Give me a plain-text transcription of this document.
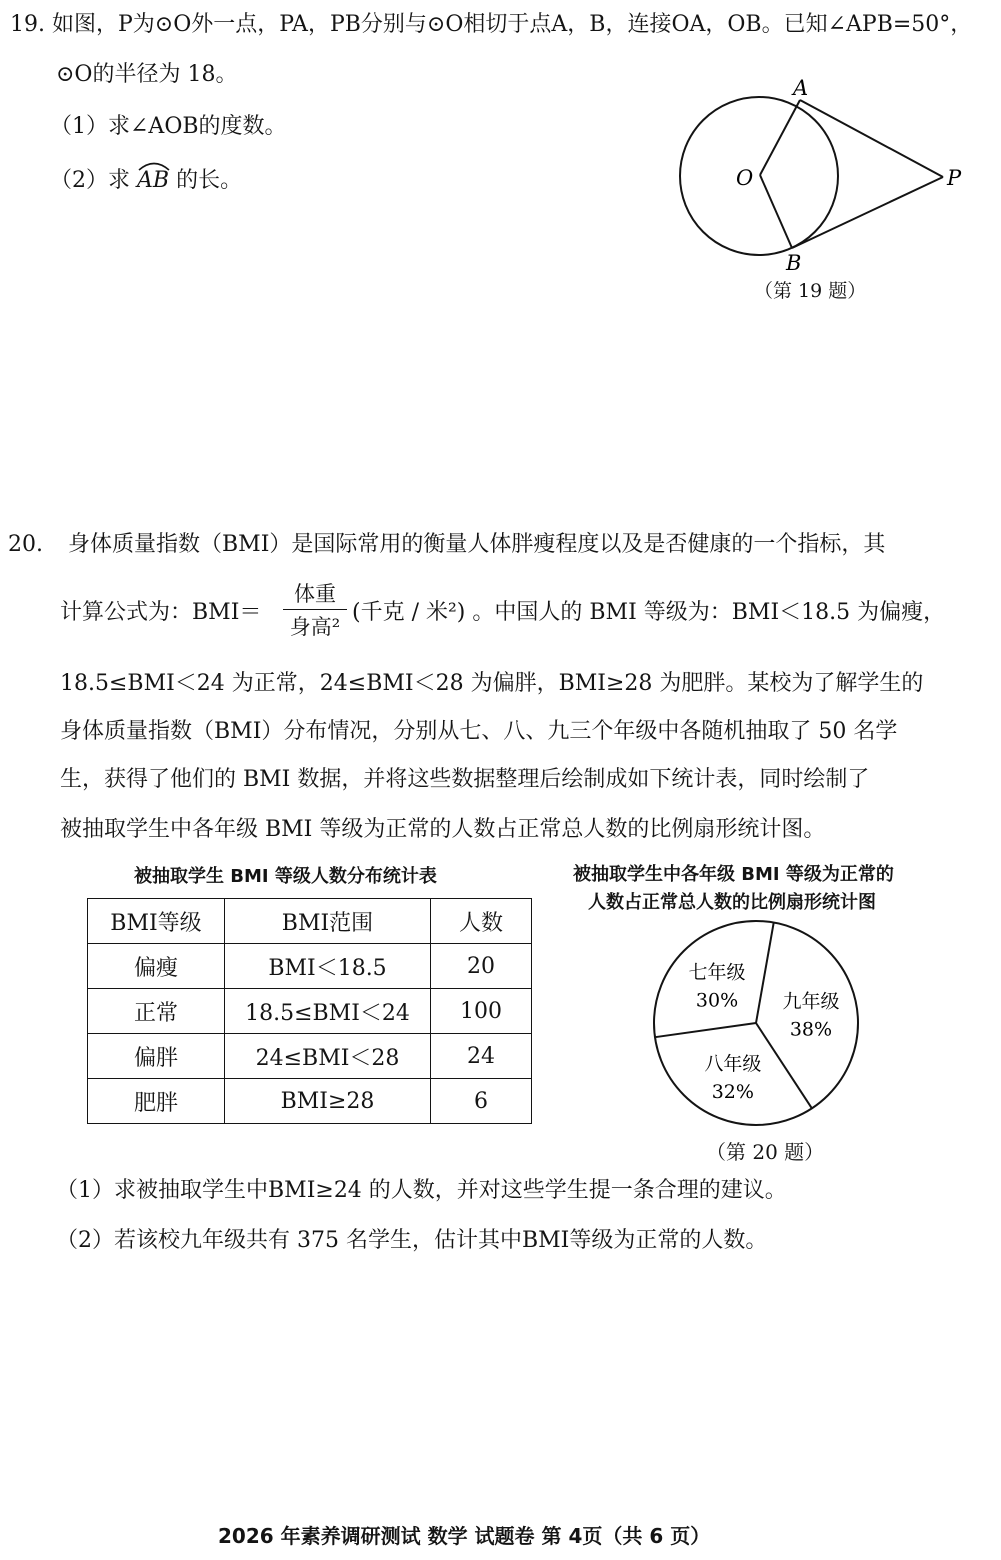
19. 如图，P为⊙O外一点，PA，PB分别与⊙O相切于点A，B，连接OA，OB。已知∠APB=50°，
⊙O的半径为 18。
（1）求∠AOB的度数。
（2）求 AB 的长。
A
O	P
B
（第 19 题）
20. 身体质量指数（BMI）是国际常用的衡量人体胖瘦程度以及是否健康的一个指标，其
计算公式为：BMI＝
体重
身高²
(千克 / 米²) 。中国人的 BMI 等级为：BMI＜18.5 为偏瘦，
18.5≤BMI＜24 为正常，24≤BMI＜28 为偏胖，BMI≥28 为肥胖。某校为了解学生的
身体质量指数（BMI）分布情况，分别从七、八、九三个年级中各随机抽取了 50 名学
生，获得了他们的 BMI 数据，并将这些数据整理后绘制成如下统计表，同时绘制了
被抽取学生中各年级 BMI 等级为正常的人数占正常总人数的比例扇形统计图。
被抽取学生 BMI 等级人数分布统计表
BMI等级	BMI范围	人数
偏瘦	BMI＜18.5	20
正常	18.5≤BMI＜24	100
偏胖	24≤BMI＜28	24
肥胖	BMI≥28	6
被抽取学生中各年级 BMI 等级为正常的
人数占正常总人数的比例扇形统计图
七年级
30% 九年级
38%
八年级
32%
（第 20 题）
（1）求被抽取学生中BMI≥24 的人数，并对这些学生提一条合理的建议。
（2）若该校九年级共有 375 名学生，估计其中BMI等级为正常的人数。
2026 年素养调研测试 数学 试题卷 第 4页（共 6 页）
